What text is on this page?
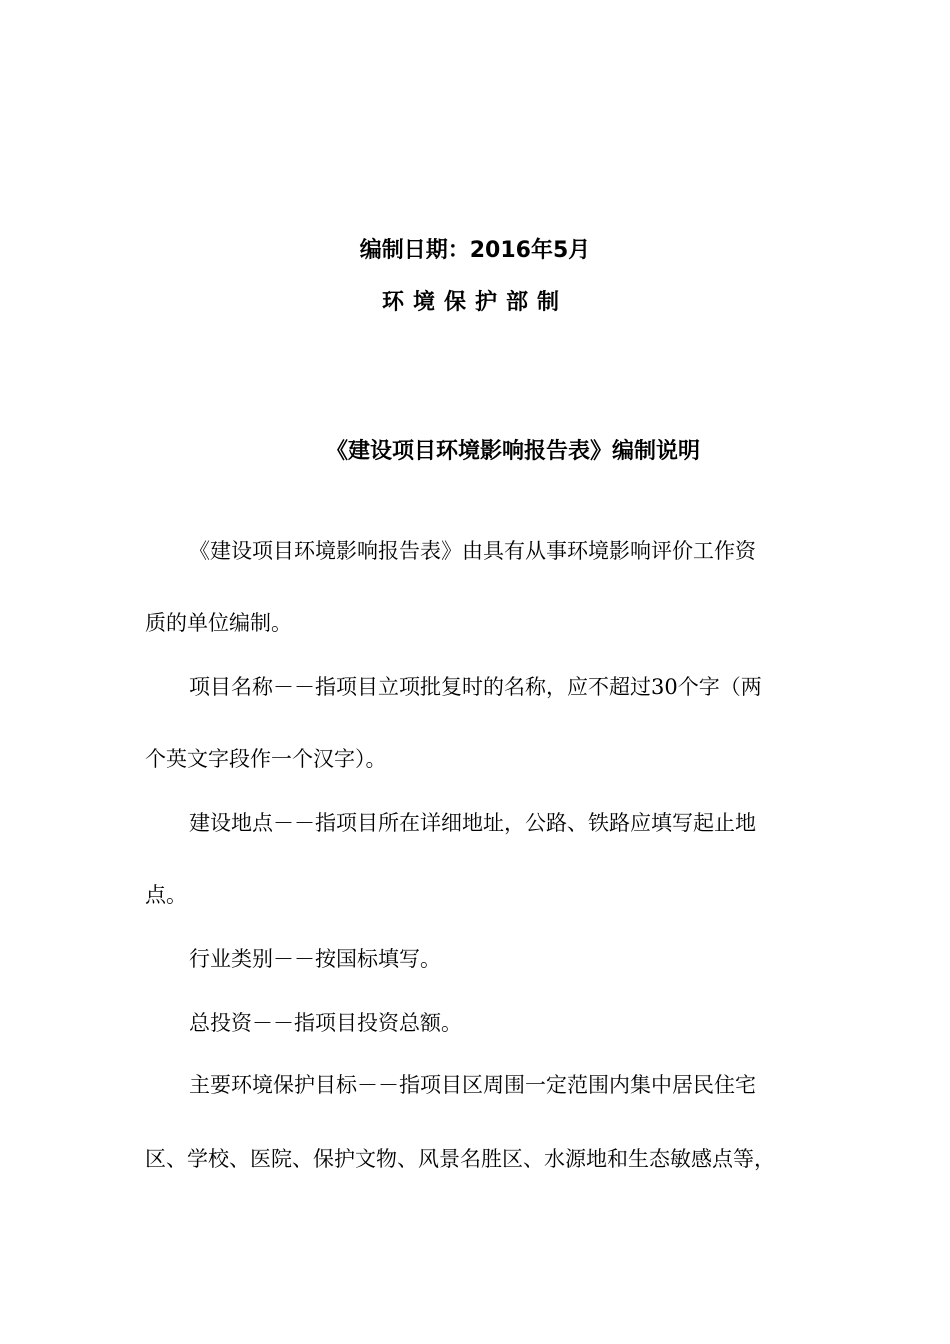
编制日期：2016年5月
环境保护部制
《建设项目环境影响报告表》编制说明
《建设项目环境影响报告表》由具有从事环境影响评价工作资
质的单位编制。
项目名称－－指项目立项批复时的名称，应不超过30个字（两
个英文字段作一个汉字）。
建设地点－－指项目所在详细地址，公路、铁路应填写起止地
点。
行业类别－－按国标填写。
总投资－－指项目投资总额。
主要环境保护目标－－指项目区周围一定范围内集中居民住宅
区、学校、医院、保护文物、风景名胜区、水源地和生态敏感点等，
